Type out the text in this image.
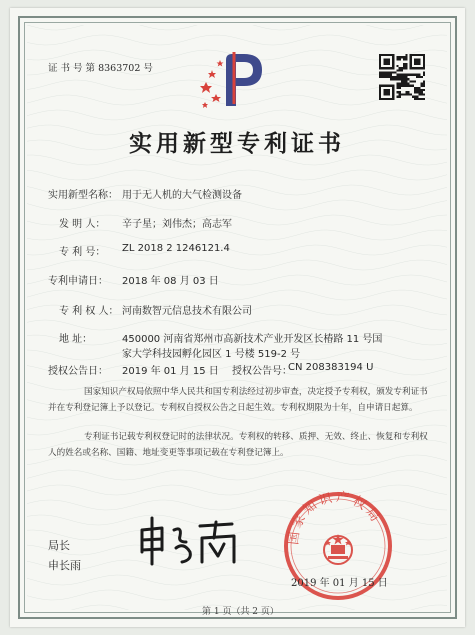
证 书 号 第 8363702 号
实用新型专利证书
实用新型名称： 用于无人机的大气检测设备
发 明 人： 辛子星；刘伟杰；高志军
专 利 号： ZL 2018 2 1246121.4
专利申请日： 2018 年 08 月 03 日
专 利 权 人： 河南数智元信息技术有限公司
地 址：	450000 河南省郑州市高新技术产业开发区长椿路 11 号国
家大学科技园孵化园区 1 号楼 519-2 号
授权公告日： 2019 年 01 月 15 日 授权公告号：
CN 208383194 U
国家知识产权局依照中华人民共和国专利法经过初步审查，决定授予专利权，颁发专利证书并在专利登记簿上予以登记。专利权自授权公告之日起生效。专利权期限为十年，自申请日起算。
专利证书记载专利权登记时的法律状况。专利权的转移、质押、无效、终止、恢复和专利权人的姓名或名称、国籍、地址变更等事项记载在专利登记簿上。
局长
申长雨
国家知识产权局
2019 年 01 月 15 日
第 1 页（共 2 页）
